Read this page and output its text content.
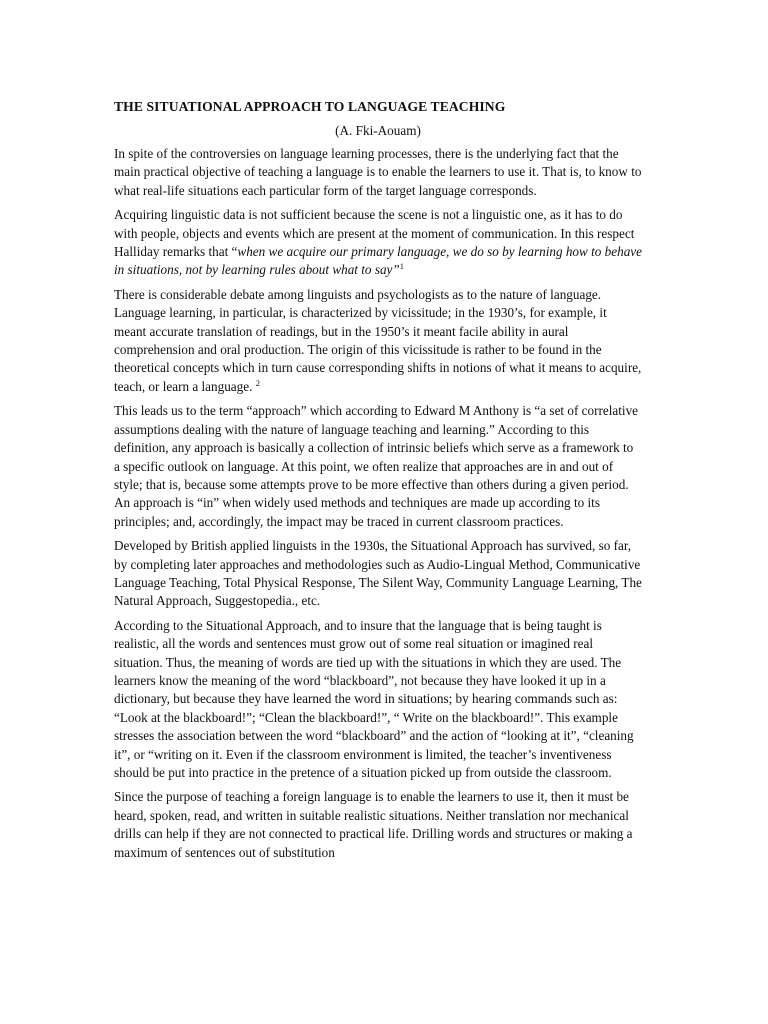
THE SITUATIONAL APPROACH TO LANGUAGE TEACHING
(A. Fki-Aouam)

In spite of the controversies on language learning processes, there is the underlying fact that the main practical objective of teaching a language is to enable the learners to use it. That is, to know to what real-life situations each particular form of the target language corresponds.

Acquiring linguistic data is not sufficient because the scene is not a linguistic one, as it has to do with people, objects and events which are present at the moment of communication. In this respect Halliday remarks that “when we acquire our primary language, we do so by learning how to behave in situations, not by learning rules about what to say”$^1$

There is considerable debate among linguists and psychologists as to the nature of language. Language learning, in particular, is characterized by vicissitude; in the 1930’s, for example, it meant accurate translation of readings, but in the 1950’s it meant facile ability in aural comprehension and oral production. The origin of this vicissitude is rather to be found in the theoretical concepts which in turn cause corresponding shifts in notions of what it means to acquire, teach, or learn a language. $^2$

This leads us to the term “approach” which according to Edward M Anthony is “a set of correlative assumptions dealing with the nature of language teaching and learning.” According to this definition, any approach is basically a collection of intrinsic beliefs which serve as a framework to a specific outlook on language. At this point, we often realize that approaches are in and out of style; that is, because some attempts prove to be more effective than others during a given period. An approach is “in” when widely used methods and techniques are made up according to its principles; and, accordingly, the impact may be traced in current classroom practices.

Developed by British applied linguists in the 1930s, the Situational Approach has survived, so far, by completing later approaches and methodologies such as Audio-Lingual Method, Communicative Language Teaching, Total Physical Response, The Silent Way, Community Language Learning, The Natural Approach, Suggestopedia., etc.

According to the Situational Approach, and to insure that the language that is being taught is realistic, all the words and sentences must grow out of some real situation or imagined real situation. Thus, the meaning of words are tied up with the situations in which they are used. The learners know the meaning of the word “blackboard”, not because they have looked it up in a dictionary, but because they have learned the word in situations; by hearing commands such as: “Look at the blackboard!”; “Clean the blackboard!”, “ Write on the blackboard!”. This example stresses the association between the word “blackboard” and the action of “looking at it”, “cleaning it”, or “writing on it. Even if the classroom environment is limited, the teacher’s inventiveness should be put into practice in the pretence of a situation picked up from outside the classroom.

Since the purpose of teaching a foreign language is to enable the learners to use it, then it must be heard, spoken, read, and written in suitable realistic situations. Neither translation nor mechanical drills can help if they are not connected to practical life. Drilling words and structures or making a maximum of sentences out of substitution
